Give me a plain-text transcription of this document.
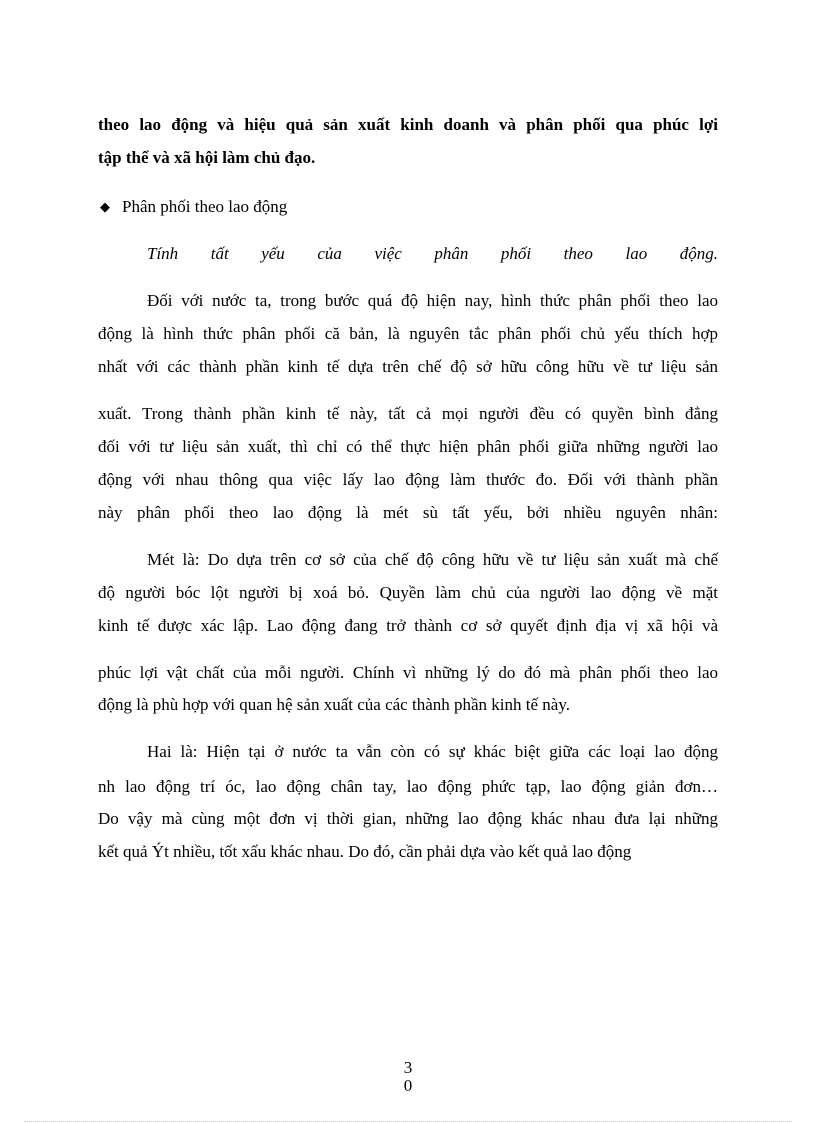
theo lao động và hiệu quả sản xuất kinh doanh và phân phối qua phúc lợi
tập thể và xã hội làm chủ đạo.
◆ Phân phối theo lao động
Tính tất yếu của việc phân phối theo lao động.
Đối với nước ta, trong bước quá độ hiện nay, hình thức phân phối theo lao
động là hình thức phân phối că bản, là nguyên tắc phân phối chủ yếu thích hợp
nhất với các thành phần kinh tế dựa trên chế độ sở hữu công hữu về tư liệu sản
xuất. Trong thành phần kinh tế này, tất cả mọi người đều có quyền bình đẳng
đối với tư liệu sản xuất, thì chỉ có thể thực hiện phân phối giữa những người lao
động với nhau thông qua việc lấy lao động làm thước đo. Đối với thành phần
này phân phối theo lao động là mét sù tất yếu, bởi nhiều nguyên nhân:
Mét là: Do dựa trên cơ sở của chế độ công hữu về tư liệu sản xuất mà chế
độ người bóc lột người bị xoá bỏ. Quyền làm chủ của người lao động về mặt
kinh tế được xác lập. Lao động đang trở thành cơ sở quyết định địa vị xã hội và
phúc lợi vật chất của mỗi người. Chính vì những lý do đó mà phân phối theo lao
động là phù hợp với quan hệ sản xuất của các thành phần kinh tế này.
Hai là: Hiện tại ở nước ta vẫn còn có sự khác biệt giữa các loại lao động
nh lao động trí óc, lao động chân tay, lao động phức tạp, lao động giản đơn…
Do vậy mà cùng một đơn vị thời gian, những lao động khác nhau đưa lại những
kết quả Ýt nhiều, tốt xấu khác nhau. Do đó, cần phải dựa vào kết quả lao động
3
0
